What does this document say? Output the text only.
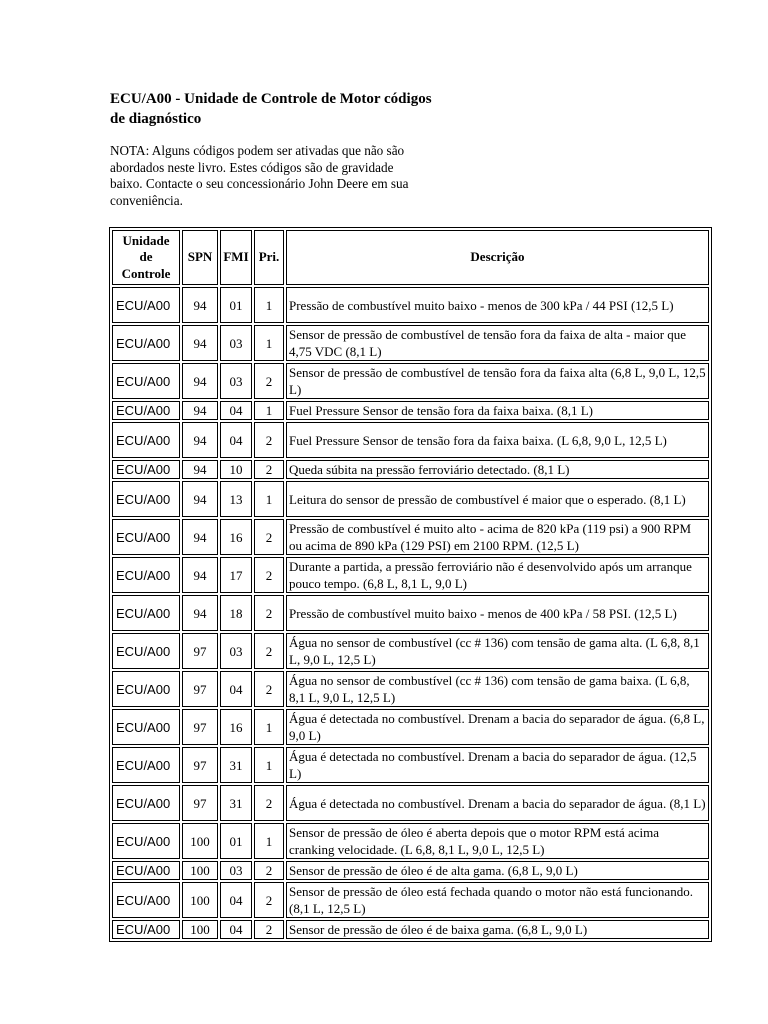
ECU/A00 - Unidade de Controle de Motor códigos de diagnóstico
NOTA: Alguns códigos podem ser ativadas que não são abordados neste livro. Estes códigos são de gravidade baixo. Contacte o seu concessionário John Deere em sua conveniência.
Unidade de Controle	SPN	FMI	Pri.	Descrição
ECU/A00	94	01	1	Pressão de combustível muito baixo - menos de 300 kPa / 44 PSI (12,5 L)
ECU/A00	94	03	1	Sensor de pressão de combustível de tensão fora da faixa de alta - maior que 4,75 VDC (8,1 L)
ECU/A00	94	03	2	Sensor de pressão de combustível de tensão fora da faixa alta (6,8 L, 9,0 L, 12,5 L)
ECU/A00	94	04	1	Fuel Pressure Sensor de tensão fora da faixa baixa. (8,1 L)
ECU/A00	94	04	2	Fuel Pressure Sensor de tensão fora da faixa baixa. (L 6,8, 9,0 L, 12,5 L)
ECU/A00	94	10	2	Queda súbita na pressão ferroviário detectado. (8,1 L)
ECU/A00	94	13	1	Leitura do sensor de pressão de combustível é maior que o esperado. (8,1 L)
ECU/A00	94	16	2	Pressão de combustível é muito alto - acima de 820 kPa (119 psi) a 900 RPM ou acima de 890 kPa (129 PSI) em 2100 RPM. (12,5 L)
ECU/A00	94	17	2	Durante a partida, a pressão ferroviário não é desenvolvido após um arranque pouco tempo. (6,8 L, 8,1 L, 9,0 L)
ECU/A00	94	18	2	Pressão de combustível muito baixo - menos de 400 kPa / 58 PSI. (12,5 L)
ECU/A00	97	03	2	Água no sensor de combustível (cc # 136) com tensão de gama alta. (L 6,8, 8,1 L, 9,0 L, 12,5 L)
ECU/A00	97	04	2	Água no sensor de combustível (cc # 136) com tensão de gama baixa. (L 6,8, 8,1 L, 9,0 L, 12,5 L)
ECU/A00	97	16	1	Água é detectada no combustível. Drenam a bacia do separador de água. (6,8 L, 9,0 L)
ECU/A00	97	31	1	Água é detectada no combustível. Drenam a bacia do separador de água. (12,5 L)
ECU/A00	97	31	2	Água é detectada no combustível. Drenam a bacia do separador de água. (8,1 L)
ECU/A00	100	01	1	Sensor de pressão de óleo é aberta depois que o motor RPM está acima cranking velocidade. (L 6,8, 8,1 L, 9,0 L, 12,5 L)
ECU/A00	100	03	2	Sensor de pressão de óleo é de alta gama. (6,8 L, 9,0 L)
ECU/A00	100	04	2	Sensor de pressão de óleo está fechada quando o motor não está funcionando. (8,1 L, 12,5 L)
ECU/A00	100	04	2	Sensor de pressão de óleo é de baixa gama. (6,8 L, 9,0 L)
